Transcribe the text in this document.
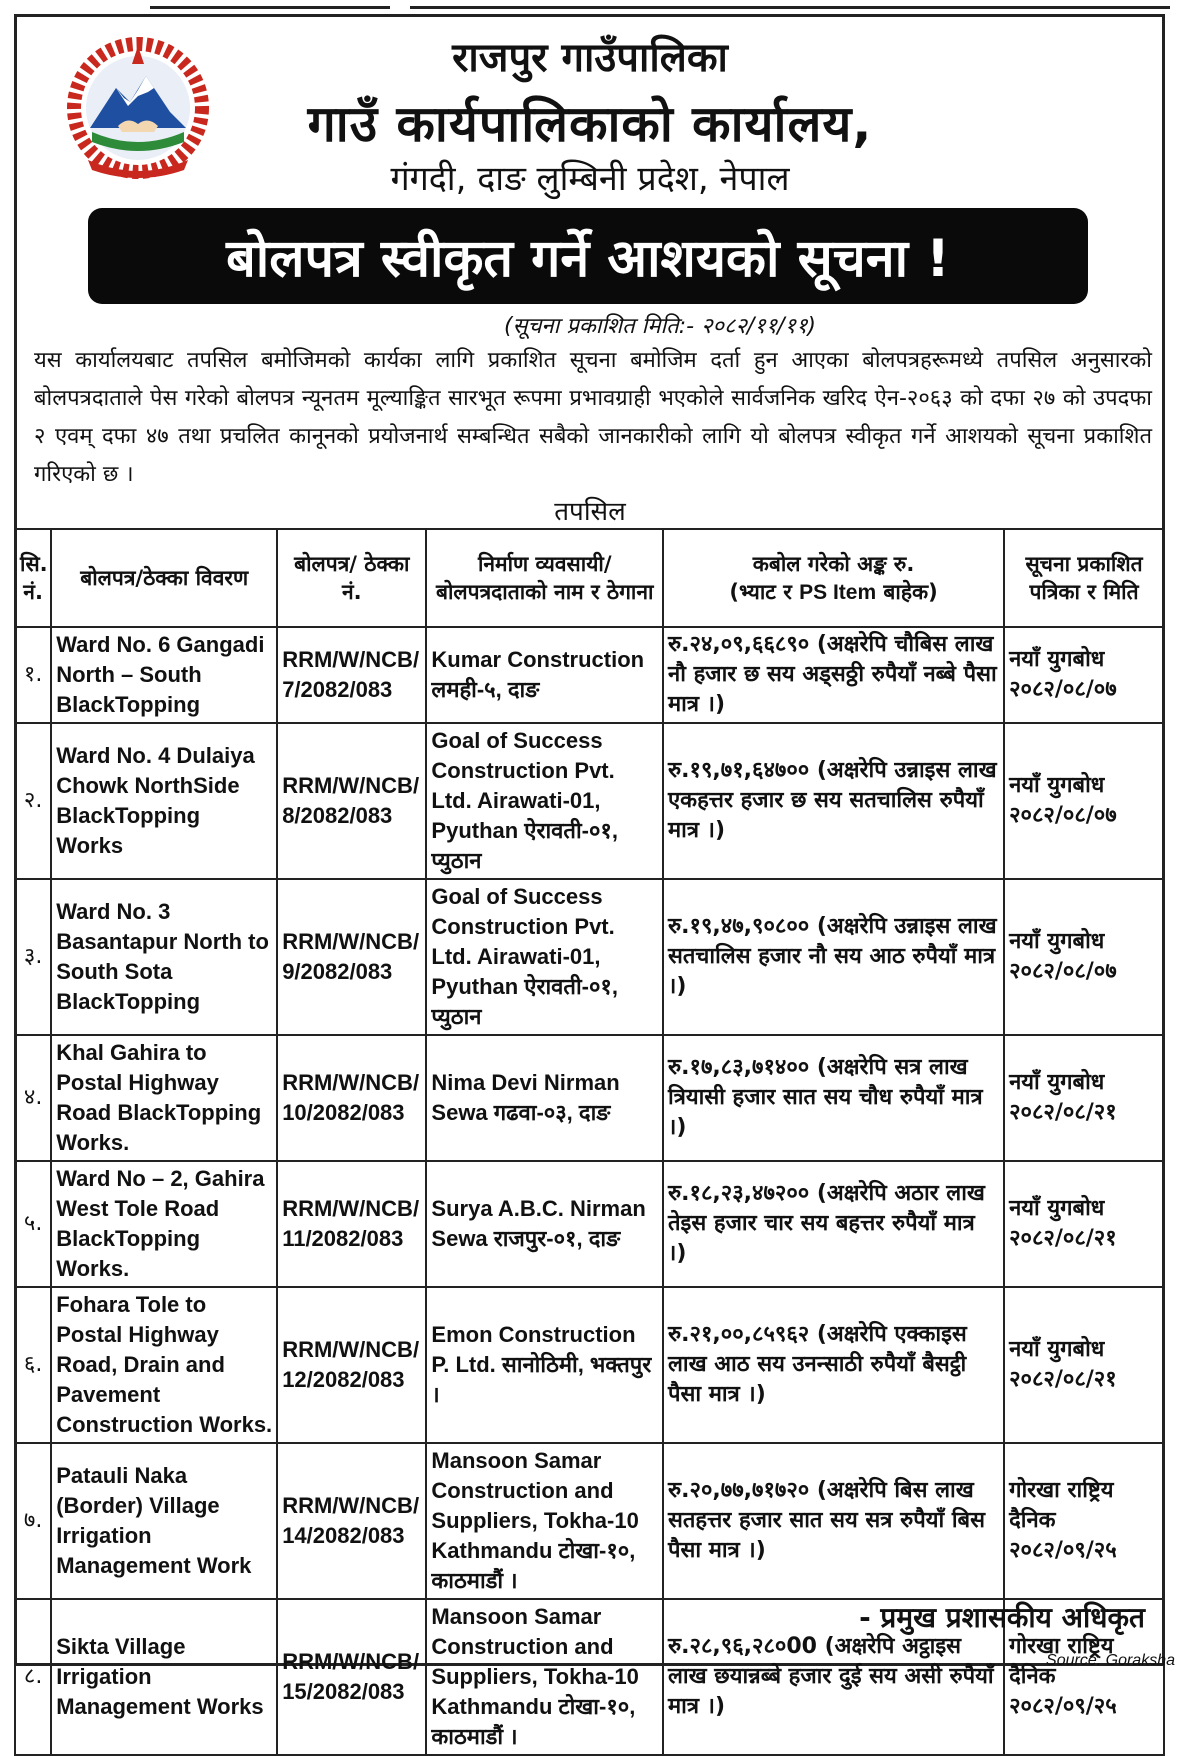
राजपुर गाउँपालिका
गाउँ कार्यपालिकाको कार्यालय,
गंगदी, दाङ लुम्बिनी प्रदेश, नेपाल
बोलपत्र स्वीकृत गर्ने आशयको सूचना !
(सूचना प्रकाशित मिति:- २०८२/११/११)
यस कार्यालयबाट तपसिल बमोजिमको कार्यका लागि प्रकाशित सूचना बमोजिम दर्ता हुन आएका बोलपत्रहरूमध्ये तपसिल अनुसारको बोलपत्रदाताले पेस गरेको बोलपत्र न्यूनतम मूल्याङ्कित सारभूत रूपमा प्रभावग्राही भएकोले सार्वजनिक खरिद ऐन-२०६३ को दफा २७ को उपदफा २ एवम् दफा ४७ तथा प्रचलित कानूनको प्रयोजनार्थ सम्बन्धित सबैको जानकारीको लागि यो बोलपत्र स्वीकृत गर्ने आशयको सूचना प्रकाशित गरिएको छ ।
तपसिल
सि. नं.	बोलपत्र/ठेक्का विवरण	बोलपत्र/ ठेक्का नं.	निर्माण व्यवसायी/ बोलपत्रदाताको नाम र ठेगाना	कबोल गरेको अङ्क रु.
(भ्याट र PS Item बाहेक)	सूचना प्रकाशित पत्रिका र मिति
१.	Ward No. 6 Gangadi North – South BlackTopping	RRM/W/NCB/ 7/2082/083	Kumar Construction लमही-५, दाङ	रु.२४,०९,६६८९० (अक्षरेपि चौबिस लाख नौ हजार छ सय अड्सठ्ठी रुपैयाँ नब्बे पैसा मात्र ।)	नयाँ युगबोध २०८२/०८/०७
२.	Ward No. 4 Dulaiya Chowk NorthSide BlackTopping Works	RRM/W/NCB/ 8/2082/083	Goal of Success Construction Pvt. Ltd. Airawati-01, Pyuthan ऐरावती-०१, प्युठान	रु.१९,७१,६४७०० (अक्षरेपि उन्नाइस लाख एकहत्तर हजार छ सय सतचालिस रुपैयाँ मात्र ।)	नयाँ युगबोध २०८२/०८/०७
३.	Ward No. 3 Basantapur North to South Sota BlackTopping	RRM/W/NCB/ 9/2082/083	Goal of Success Construction Pvt. Ltd. Airawati-01, Pyuthan ऐरावती-०१, प्युठान	रु.१९,४७,९०८०० (अक्षरेपि उन्नाइस लाख सतचालिस हजार नौ सय आठ रुपैयाँ मात्र ।)	नयाँ युगबोध २०८२/०८/०७
४.	Khal Gahira to Postal Highway Road BlackTopping Works.	RRM/W/NCB/ 10/2082/083	Nima Devi Nirman Sewa गढवा-०३, दाङ	रु.१७,८३,७१४०० (अक्षरेपि सत्र लाख त्रियासी हजार सात सय चौध रुपैयाँ मात्र ।)	नयाँ युगबोध २०८२/०८/२१
५.	Ward No – 2, Gahira West Tole Road BlackTopping Works.	RRM/W/NCB/ 11/2082/083	Surya A.B.C. Nirman Sewa राजपुर-०१, दाङ	रु.१८,२३,४७२०० (अक्षरेपि अठार लाख तेइस हजार चार सय बहत्तर रुपैयाँ मात्र ।)	नयाँ युगबोध २०८२/०८/२१
६.	Fohara Tole to Postal Highway Road, Drain and Pavement Construction Works.	RRM/W/NCB/ 12/2082/083	Emon Construction P. Ltd. सानोठिमी, भक्तपुर ।	रु.२१,००,८५९६२ (अक्षरेपि एक्काइस लाख आठ सय उनन्साठी रुपैयाँ बैसट्ठी पैसा मात्र ।)	नयाँ युगबोध २०८२/०८/२१
७.	Patauli Naka (Border) Village Irrigation Management Work	RRM/W/NCB/ 14/2082/083	Mansoon Samar Construction and Suppliers, Tokha-10 Kathmandu टोखा-१०, काठमाडौं ।	रु.२०,७७,७१७२० (अक्षरेपि बिस लाख सतहत्तर हजार सात सय सत्र रुपैयाँ बिस पैसा मात्र ।)	गोरखा राष्ट्रिय दैनिक २०८२/०९/२५
८.	Sikta Village Irrigation Management Works	RRM/W/NCB/ 15/2082/083	Mansoon Samar Construction and Suppliers, Tokha-10 Kathmandu टोखा-१०, काठमाडौं ।	रु.२८,९६,२८०00 (अक्षरेपि अट्ठाइस लाख छयान्नब्बे हजार दुई सय असी रुपैयाँ मात्र ।)	गोरखा राष्ट्रिय दैनिक २०८२/०९/२५
- प्रमुख प्रशासकीय अधिकृत
Source: Goraksha
